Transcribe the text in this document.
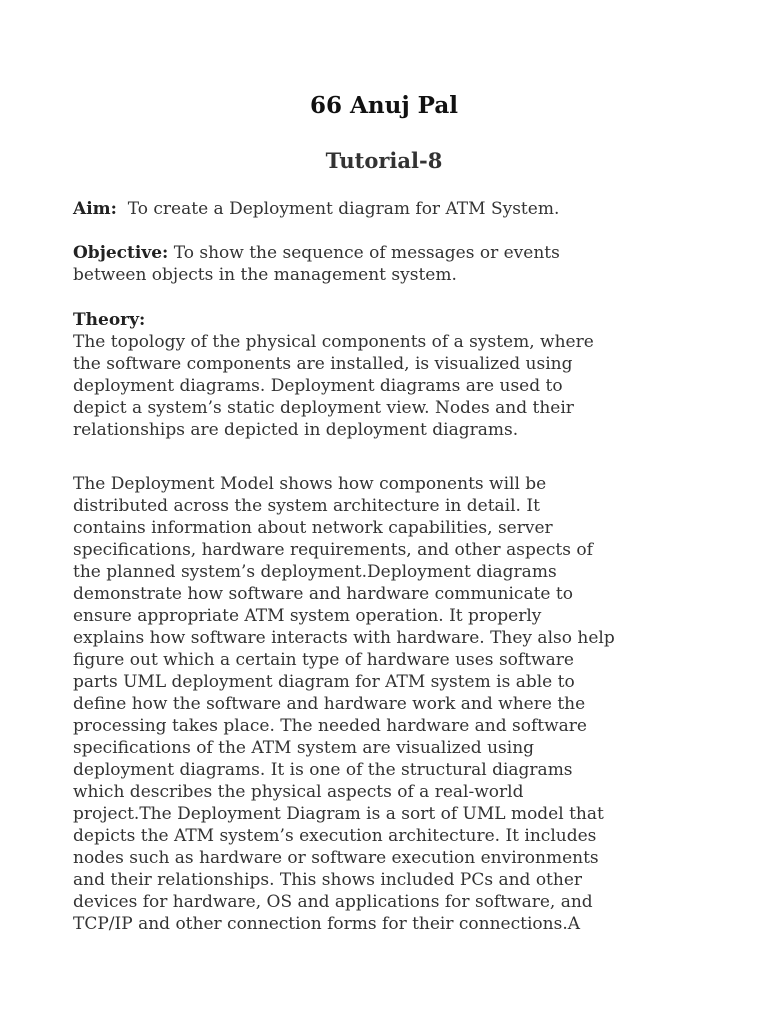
66 Anuj Pal
Tutorial-8

Aim: To create a Deployment diagram for ATM System.

Objective: To show the sequence of messages or events
between objects in the management system.

Theory:

The topology of the physical components of a system, where
the software components are installed, is visualized using
deployment diagrams. Deployment diagrams are used to
depict a system’s static deployment view. Nodes and their
relationships are depicted in deployment diagrams.

The Deployment Model shows how components will be
distributed across the system architecture in detail. It
contains information about network capabilities, server
specifications, hardware requirements, and other aspects of
the planned system’s deployment.Deployment diagrams
demonstrate how software and hardware communicate to
ensure appropriate ATM system operation. It properly
explains how software interacts with hardware. They also help
figure out which a certain type of hardware uses software
parts UML deployment diagram for ATM system is able to
define how the software and hardware work and where the
processing takes place. The needed hardware and software
specifications of the ATM system are visualized using
deployment diagrams. It is one of the structural diagrams
which describes the physical aspects of a real-world
project.The Deployment Diagram is a sort of UML model that
depicts the ATM system’s execution architecture. It includes
nodes such as hardware or software execution environments
and their relationships. This shows included PCs and other
devices for hardware, OS and applications for software, and
TCP/IP and other connection forms for their connections.A
